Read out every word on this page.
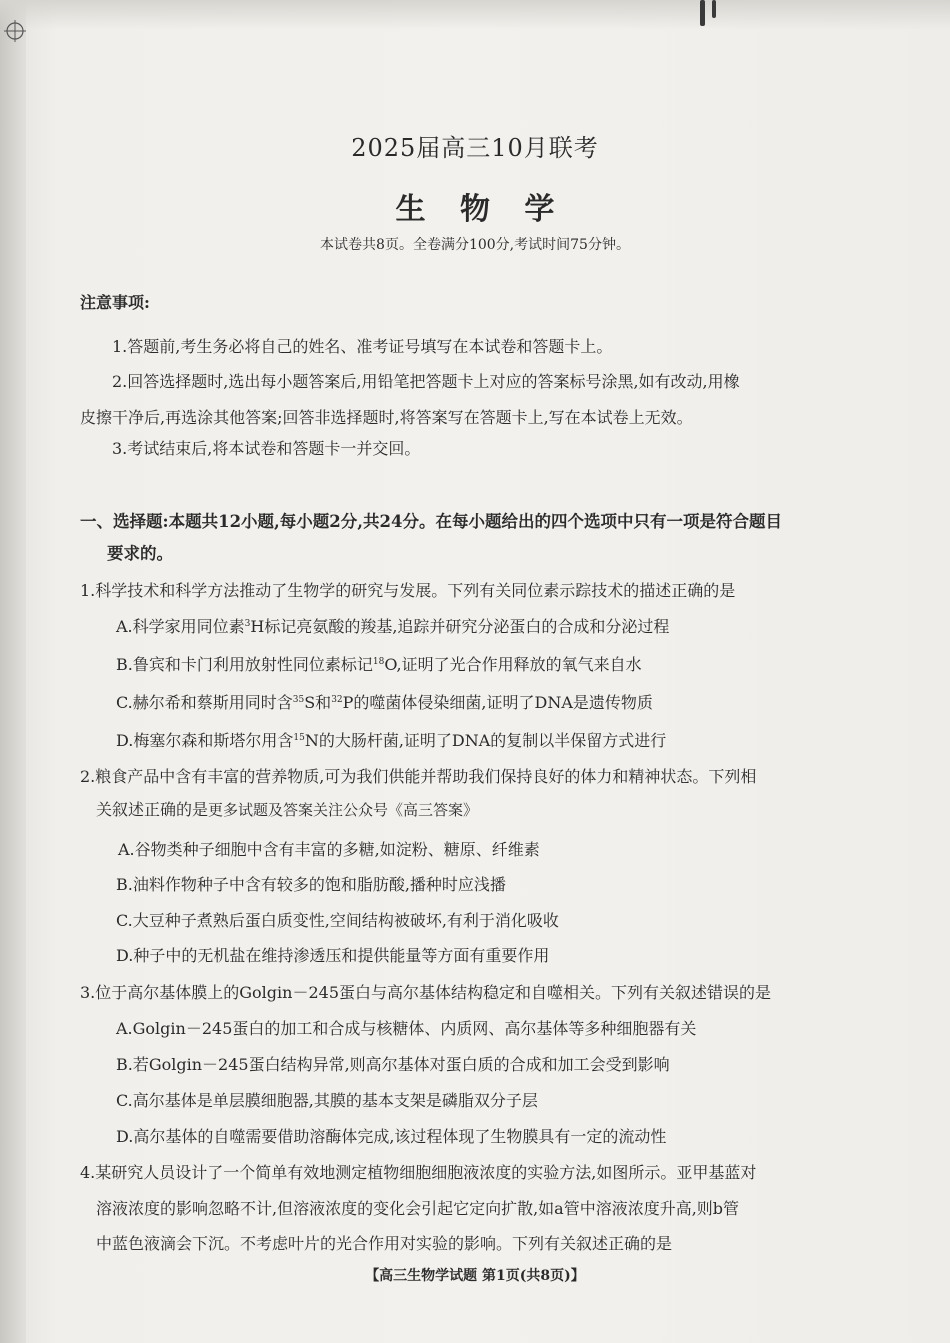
2025届高三10月联考
生 物 学
本试卷共8页。全卷满分100分,考试时间75分钟。
注意事项:
1.答题前,考生务必将自己的姓名、准考证号填写在本试卷和答题卡上。
2.回答选择题时,选出每小题答案后,用铅笔把答题卡上对应的答案标号涂黑,如有改动,用橡
皮擦干净后,再选涂其他答案;回答非选择题时,将答案写在答题卡上,写在本试卷上无效。
3.考试结束后,将本试卷和答题卡一并交回。
一、选择题:本题共12小题,每小题2分,共24分。在每小题给出的四个选项中只有一项是符合题目
要求的。
1.科学技术和科学方法推动了生物学的研究与发展。下列有关同位素示踪技术的描述正确的是
A.科学家用同位素$^3$H标记亮氨酸的羧基,追踪并研究分泌蛋白的合成和分泌过程
B.鲁宾和卡门利用放射性同位素标记$^{18}$O,证明了光合作用释放的氧气来自水
C.赫尔希和蔡斯用同时含$^{35}$S和$^{32}$P的噬菌体侵染细菌,证明了DNA是遗传物质
D.梅塞尔森和斯塔尔用含$^{15}$N的大肠杆菌,证明了DNA的复制以半保留方式进行
2.粮食产品中含有丰富的营养物质,可为我们供能并帮助我们保持良好的体力和精神状态。下列相
关叙述正确的是更多试题及答案关注公众号《高三答案》
A.谷物类种子细胞中含有丰富的多糖,如淀粉、糖原、纤维素
B.油料作物种子中含有较多的饱和脂肪酸,播种时应浅播
C.大豆种子煮熟后蛋白质变性,空间结构被破坏,有利于消化吸收
D.种子中的无机盐在维持渗透压和提供能量等方面有重要作用
3.位于高尔基体膜上的Golgin－245蛋白与高尔基体结构稳定和自噬相关。下列有关叙述错误的是
A.Golgin－245蛋白的加工和合成与核糖体、内质网、高尔基体等多种细胞器有关
B.若Golgin－245蛋白结构异常,则高尔基体对蛋白质的合成和加工会受到影响
C.高尔基体是单层膜细胞器,其膜的基本支架是磷脂双分子层
D.高尔基体的自噬需要借助溶酶体完成,该过程体现了生物膜具有一定的流动性
4.某研究人员设计了一个简单有效地测定植物细胞细胞液浓度的实验方法,如图所示。亚甲基蓝对
溶液浓度的影响忽略不计,但溶液浓度的变化会引起它定向扩散,如a管中溶液浓度升高,则b管
中蓝色液滴会下沉。不考虑叶片的光合作用对实验的影响。下列有关叙述正确的是
【高三生物学试题 第1页(共8页)】
